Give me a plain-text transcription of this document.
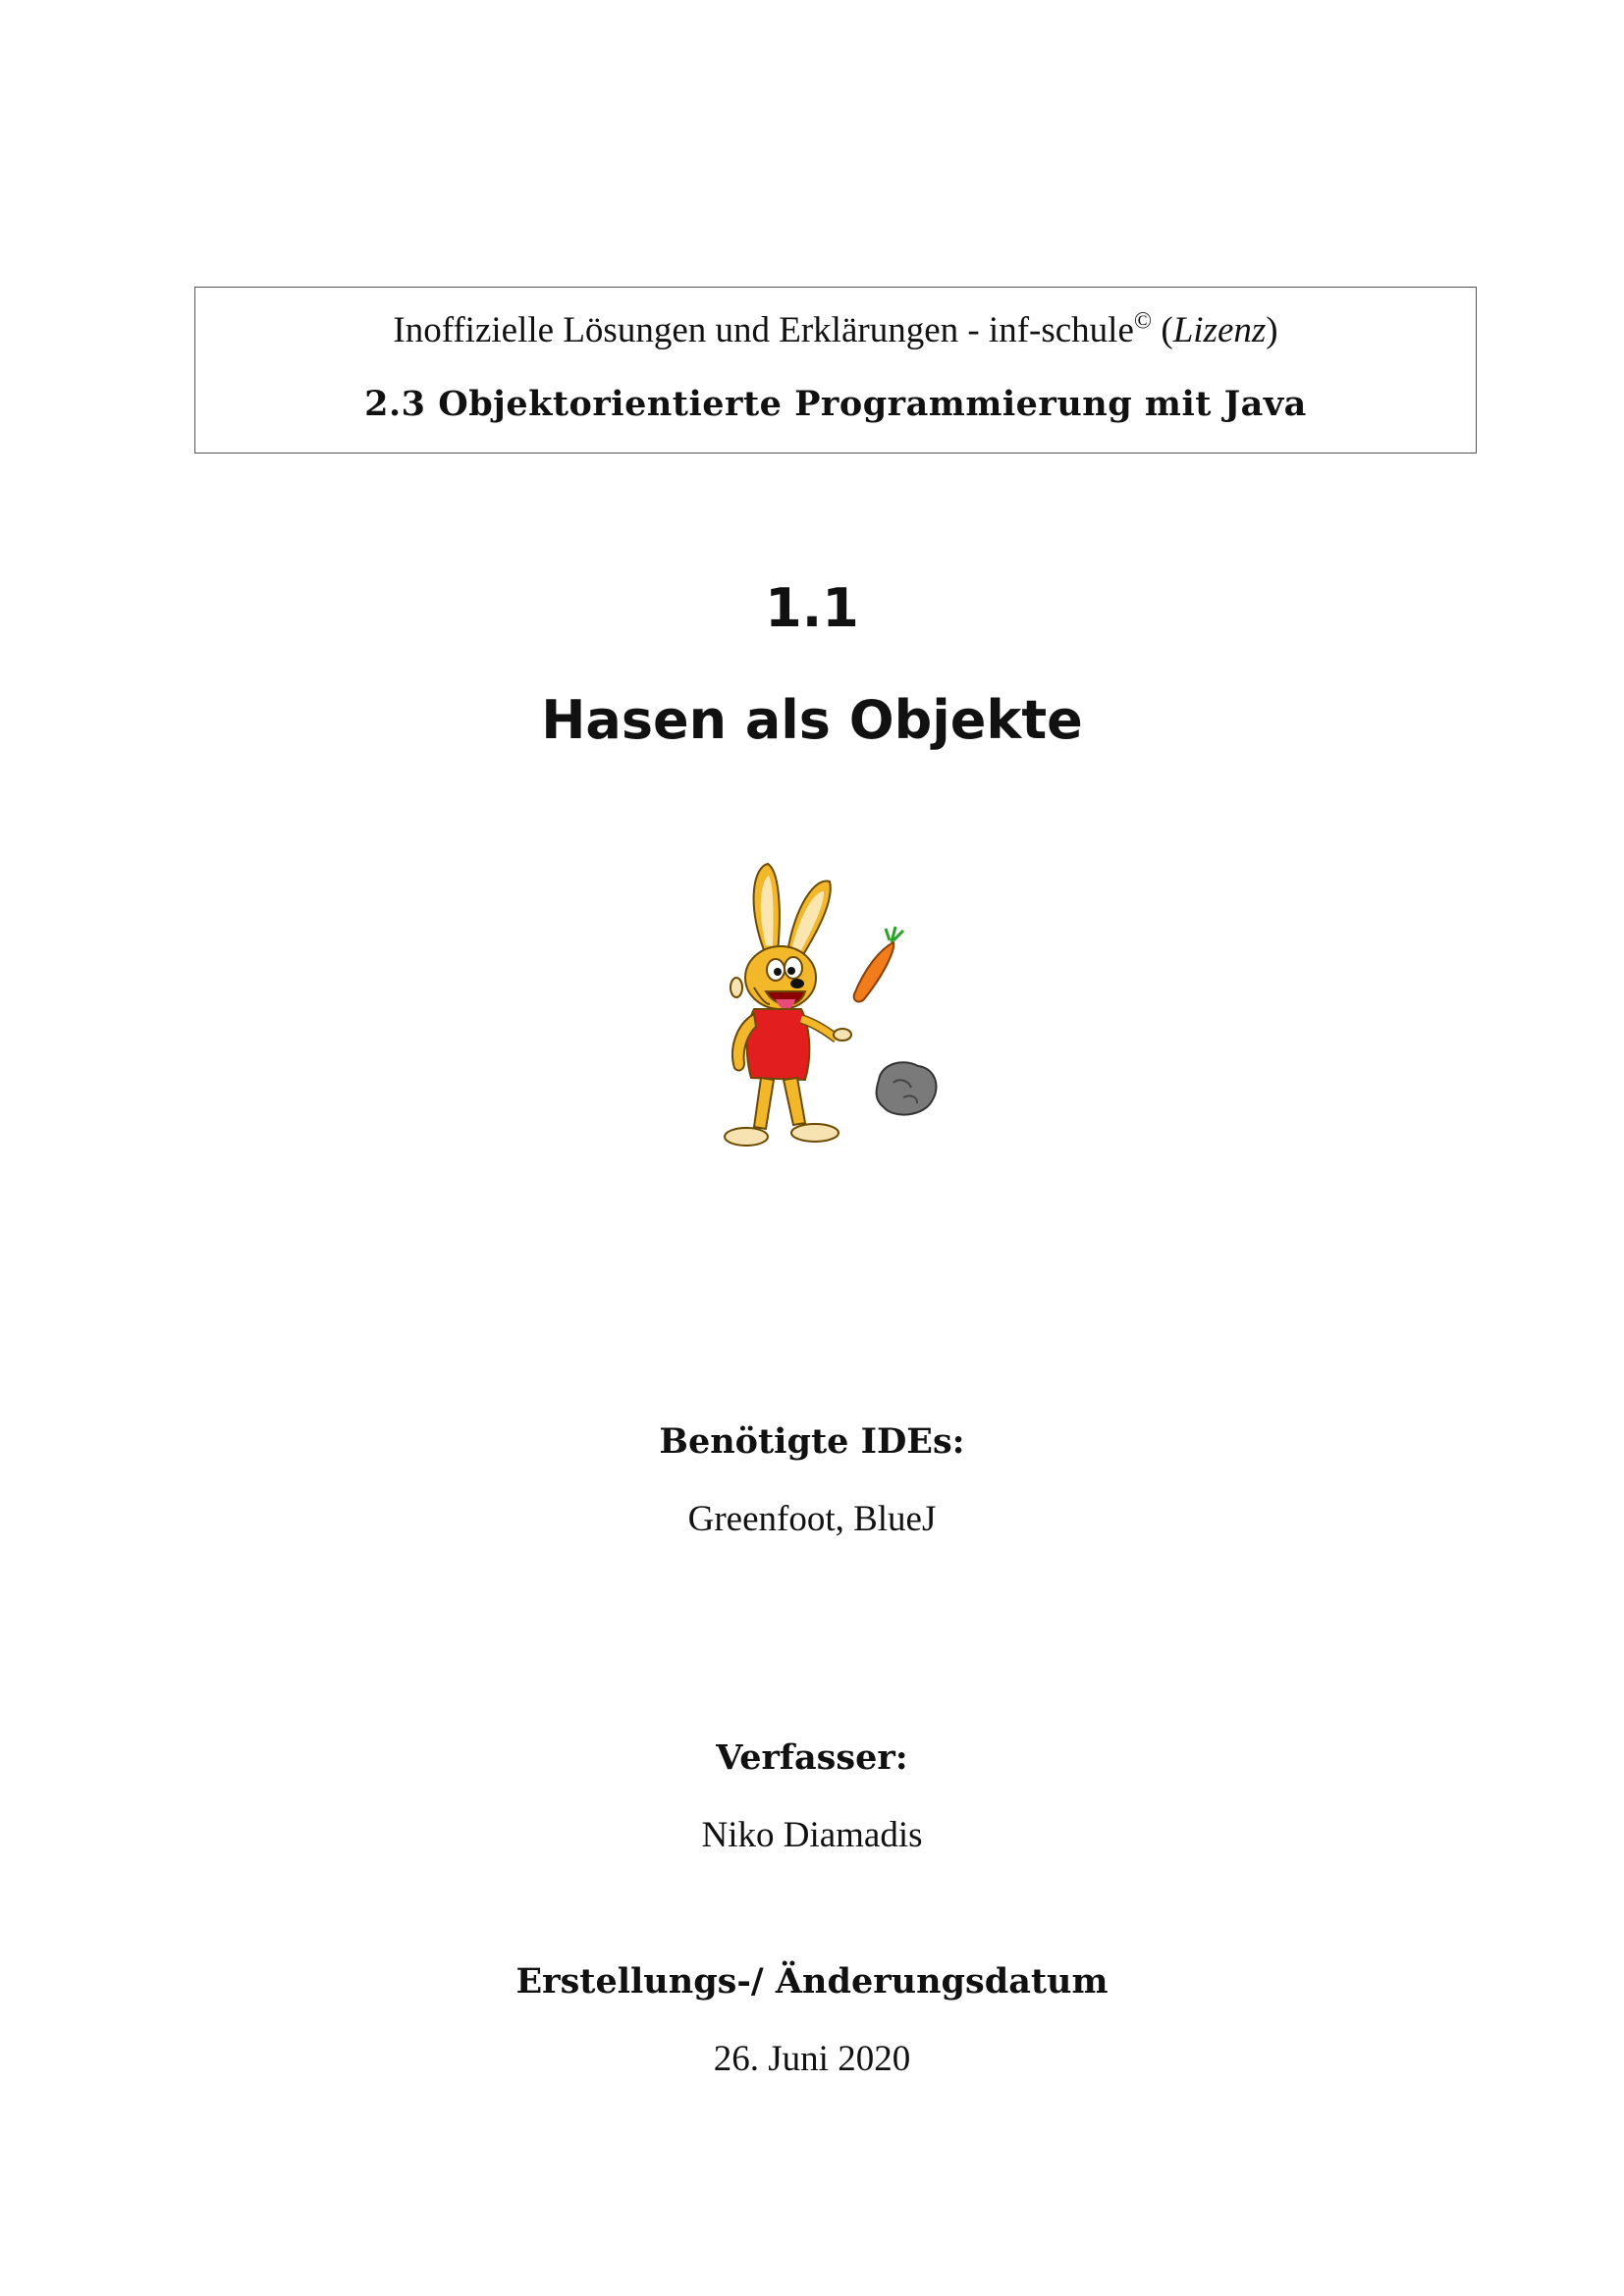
Inoffizielle Lösungen und Erklärungen - inf-schule© (Lizenz)
2.3 Objektorientierte Programmierung mit Java
1.1
Hasen als Objekte
Benötigte IDEs:
Greenfoot, BlueJ
Verfasser:
Niko Diamadis
Erstellungs-/ Änderungsdatum
26. Juni 2020
